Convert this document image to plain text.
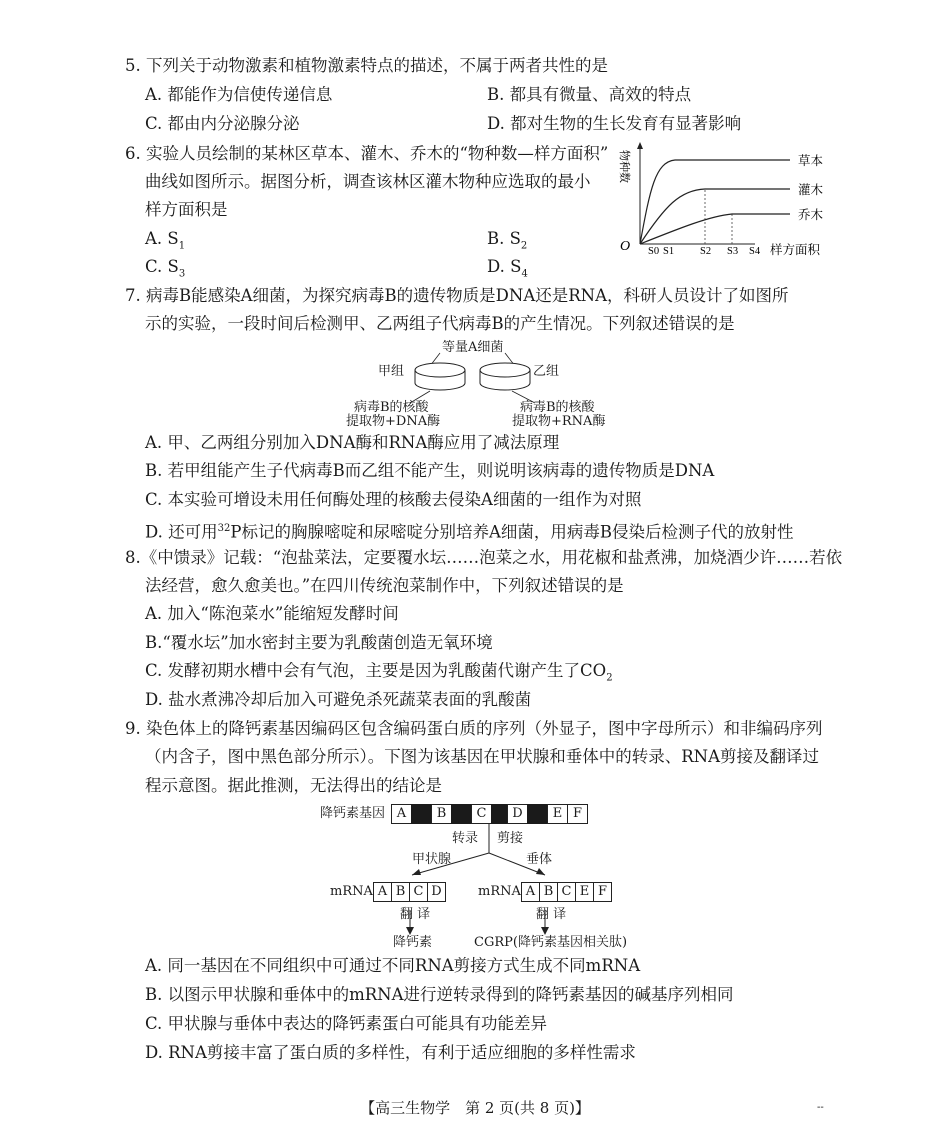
5. 下列关于动物激素和植物激素特点的描述，不属于两者共性的是
A. 都能作为信使传递信息	B. 都具有微量、高效的特点
C. 都由内分泌腺分泌	D. 都对生物的生长发育有显著影响
6. 实验人员绘制的某林区草本、灌木、乔木的“物种数—样方面积”
曲线如图所示。据图分析，调查该林区灌木物种应选取的最小
样方面积是
A. $S_1$	B. $S_2$
C. $S_3$	D. $S_4$
O S0 S1 S2 S3 S4 样方面积
草本
灌木
乔木
物种数
7. 病毒B能感染A细菌，为探究病毒B的遗传物质是DNA还是RNA，科研人员设计了如图所
示的实验，一段时间后检测甲、乙两组子代病毒B的产生情况。下列叙述错误的是
等量A细菌
甲组	乙组
病毒B的核酸
提取物+DNA酶
病毒B的核酸
提取物+RNA酶
A. 甲、乙两组分别加入DNA酶和RNA酶应用了减法原理
B. 若甲组能产生子代病毒B而乙组不能产生，则说明该病毒的遗传物质是DNA
C. 本实验可增设未用任何酶处理的核酸去侵染A细菌的一组作为对照
D. 还可用$^{32}$P标记的胸腺嘧啶和尿嘧啶分别培养A细菌，用病毒B侵染后检测子代的放射性
8.《中馈录》记载：“泡盐菜法，定要覆水坛……泡菜之水，用花椒和盐煮沸，加烧酒少许……若依
法经营，愈久愈美也。”在四川传统泡菜制作中，下列叙述错误的是
A. 加入“陈泡菜水”能缩短发酵时间
B.“覆水坛”加水密封主要为乳酸菌创造无氧环境
C. 发酵初期水槽中会有气泡，主要是因为乳酸菌代谢产生了$CO_2$
D. 盐水煮沸冷却后加入可避免杀死蔬菜表面的乳酸菌
9. 染色体上的降钙素基因编码区包含编码蛋白质的序列（外显子，图中字母所示）和非编码序列
（内含子，图中黑色部分所示）。下图为该基因在甲状腺和垂体中的转录、RNA剪接及翻译过
程示意图。据此推测，无法得出的结论是
降钙素基因 A	B	C	D	E F
转录 剪接
甲状腺	垂体
mRNA A B C D	mRNA A B C E F
翻 译	翻 译
降钙素	CGRP(降钙素基因相关肽)
A. 同一基因在不同组织中可通过不同RNA剪接方式生成不同mRNA
B. 以图示甲状腺和垂体中的mRNA进行逆转录得到的降钙素基因的碱基序列相同
C. 甲状腺与垂体中表达的降钙素蛋白可能具有功能差异
D. RNA剪接丰富了蛋白质的多样性，有利于适应细胞的多样性需求
【高三生物学　第 2 页(共 8 页)】	--
